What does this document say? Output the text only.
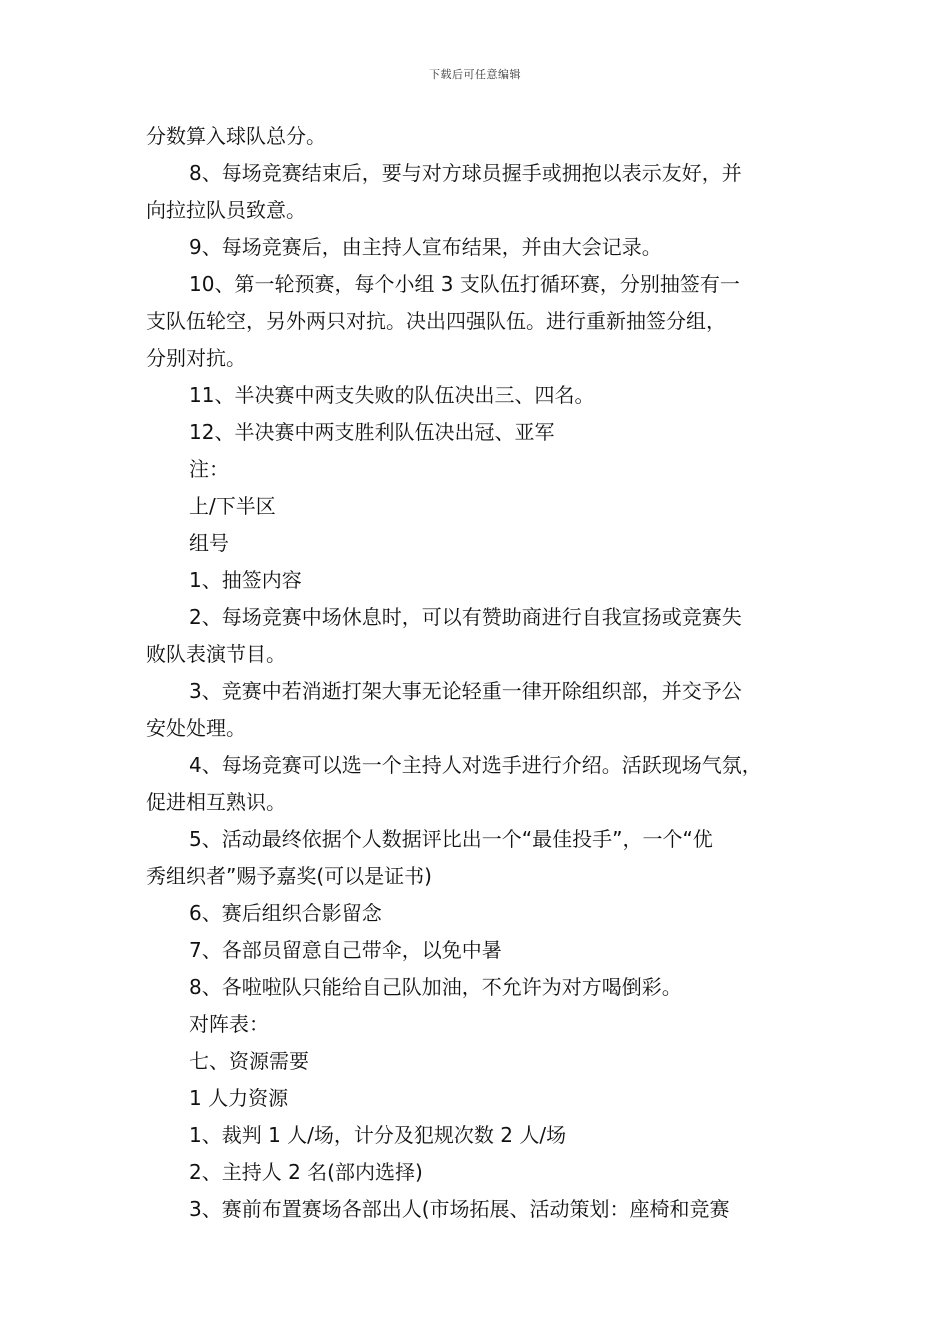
下载后可任意编辑
分数算入球队总分。
8、每场竞赛结束后，要与对方球员握手或拥抱以表示友好，并
向拉拉队员致意。
9、每场竞赛后，由主持人宣布结果，并由大会记录。
10、第一轮预赛，每个小组 3 支队伍打循环赛，分别抽签有一
支队伍轮空，另外两只对抗。决出四强队伍。进行重新抽签分组，
分别对抗。
11、半决赛中两支失败的队伍决出三、四名。
12、半决赛中两支胜利队伍决出冠、亚军
注：
上/下半区
组号
1、抽签内容
2、每场竞赛中场休息时，可以有赞助商进行自我宣扬或竞赛失
败队表演节目。
3、竞赛中若消逝打架大事无论轻重一律开除组织部，并交予公
安处处理。
4、每场竞赛可以选一个主持人对选手进行介绍。活跃现场气氛，
促进相互熟识。
5、活动最终依据个人数据评比出一个“最佳投手”，一个“优
秀组织者”赐予嘉奖(可以是证书)
6、赛后组织合影留念
7、各部员留意自己带伞，以免中暑
8、各啦啦队只能给自己队加油，不允许为对方喝倒彩。
对阵表：
七、资源需要
1 人力资源
1、裁判 1 人/场，计分及犯规次数 2 人/场
2、主持人 2 名(部内选择)
3、赛前布置赛场各部出人(市场拓展、活动策划：座椅和竞赛
